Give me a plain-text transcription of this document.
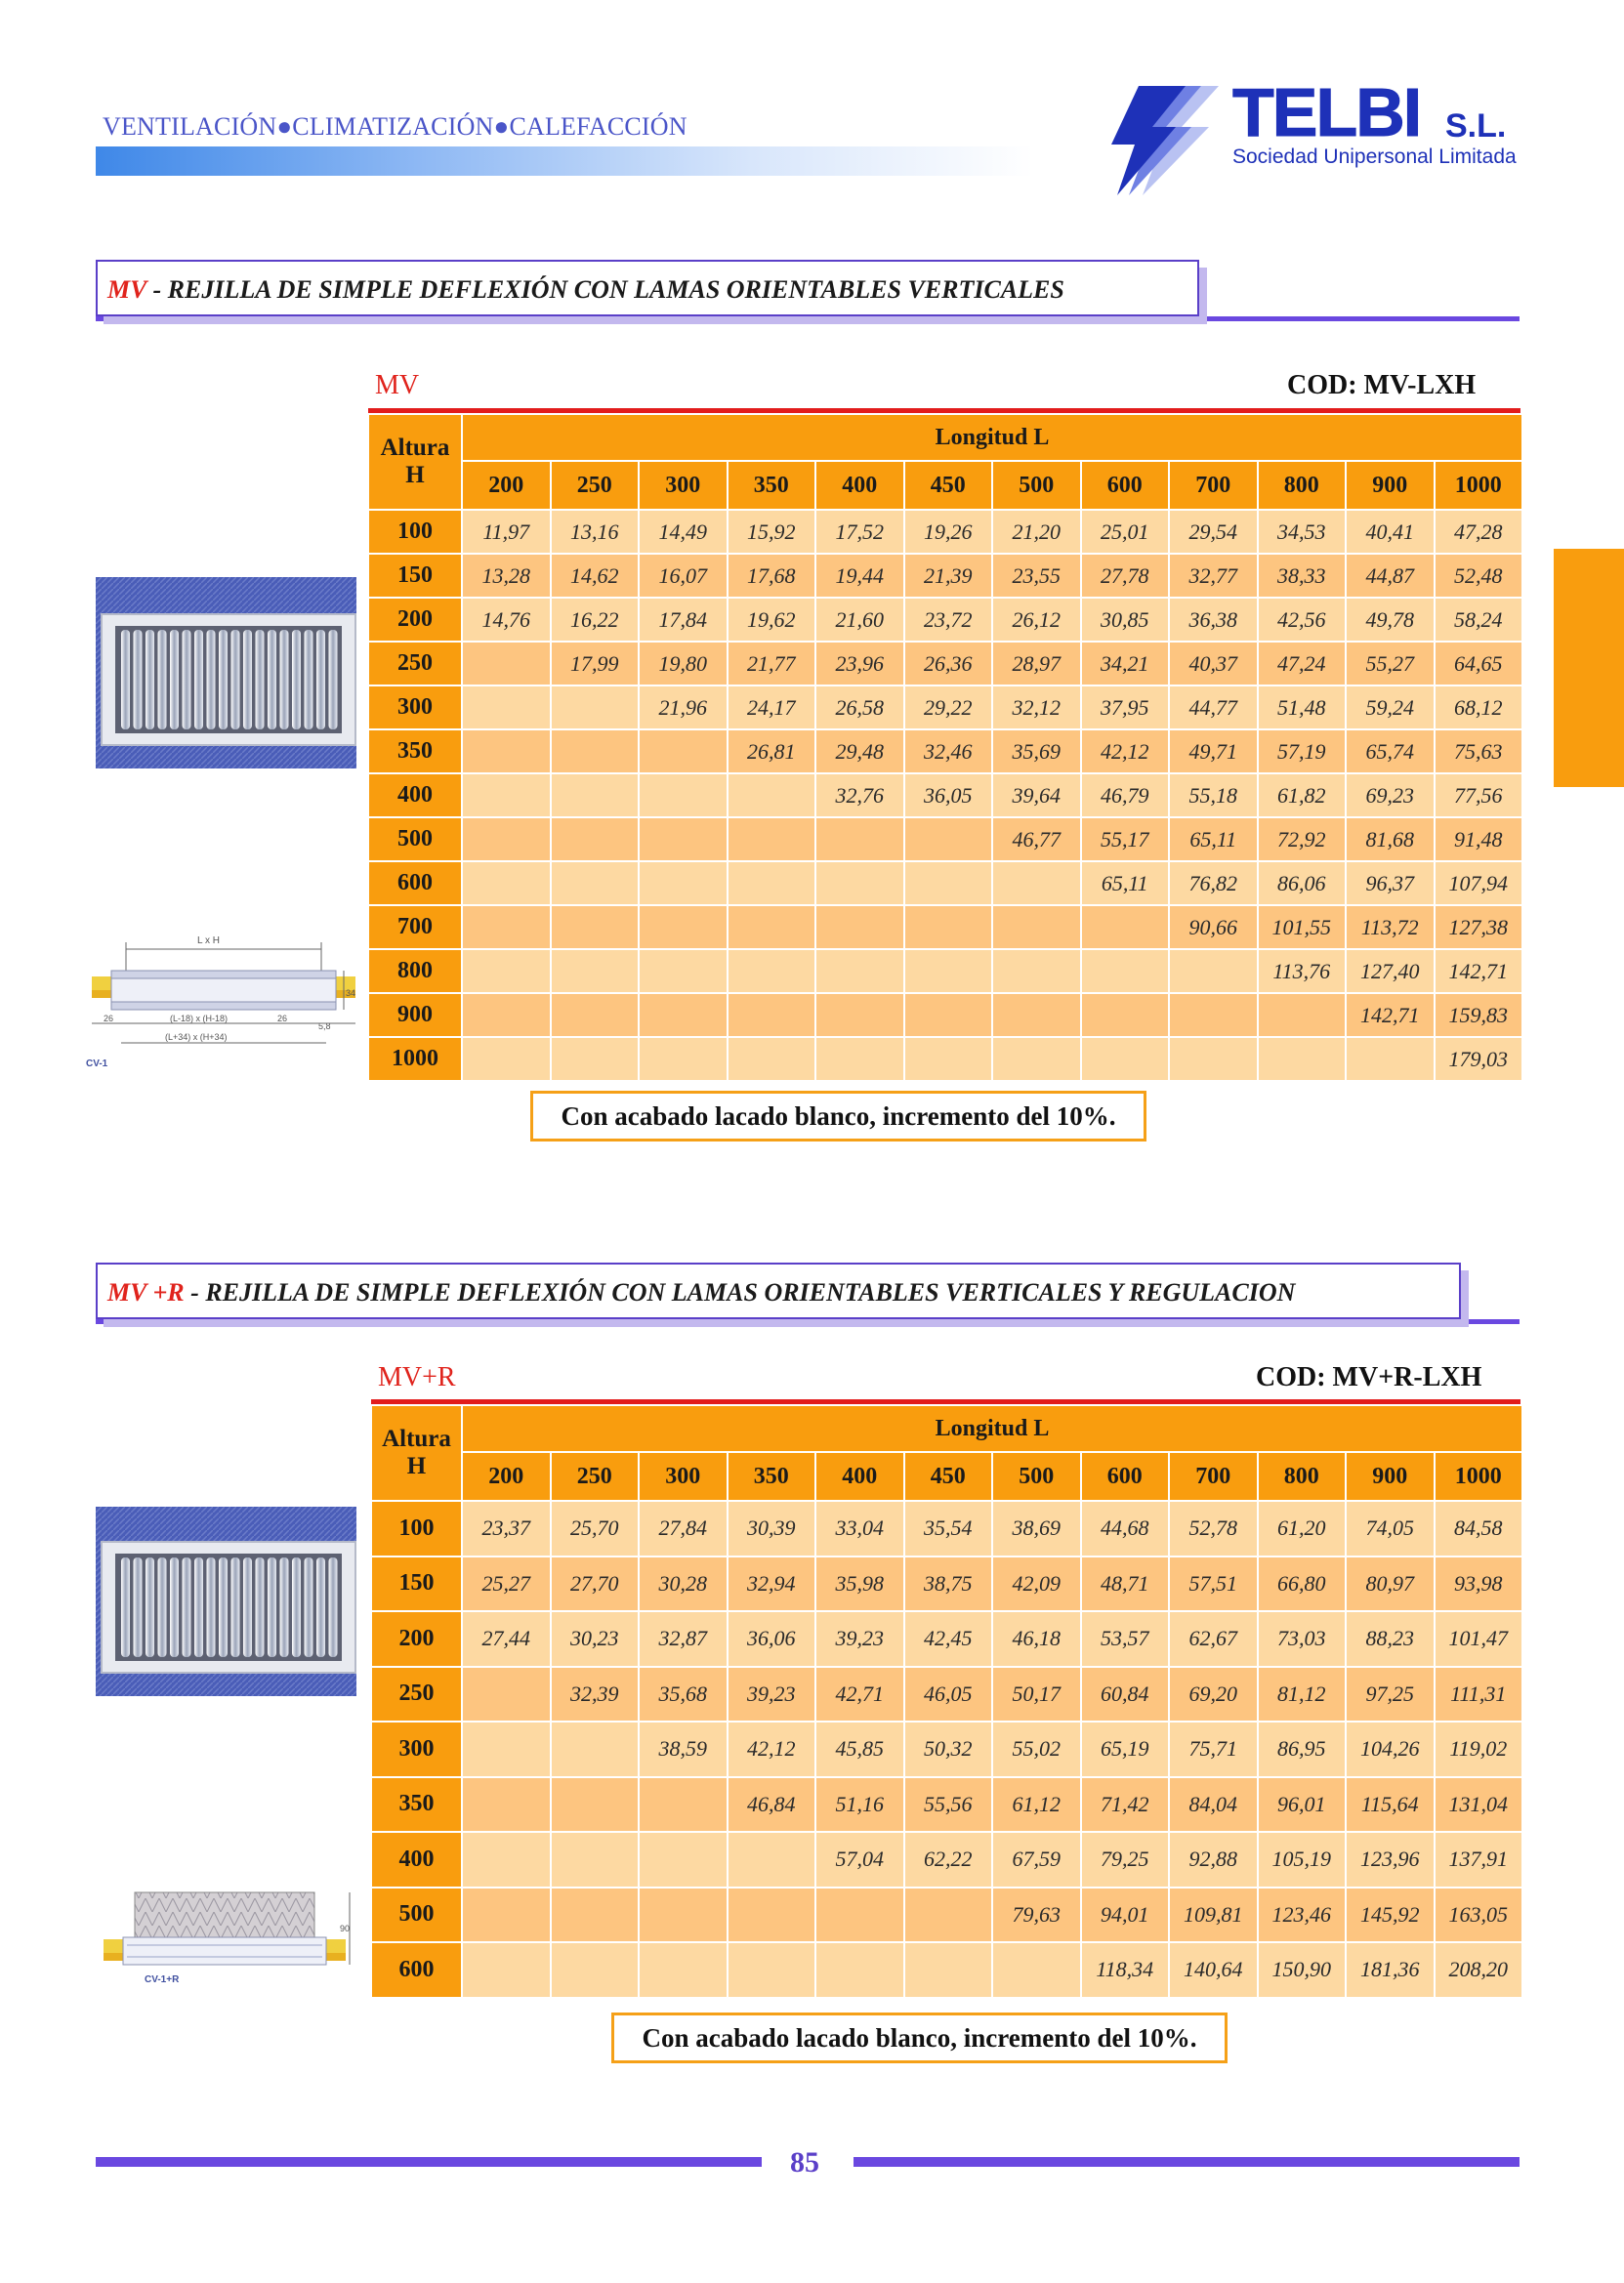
VENTILACIÓN●CLIMATIZACIÓN●CALEFACCIÓN	TELBI S.L.
Sociedad Unipersonal Limitada
MV - REJILLA DE SIMPLE DEFLEXIÓN CON LAMAS ORIENTABLES VERTICALES
MV	COD: MV-LXH
Altura
H	Longitud L											
	200	250	300	350	400	450	500	600	700	800	900	1000
100	11,97	13,16	14,49	15,92	17,52	19,26	21,20	25,01	29,54	34,53	40,41	47,28
150	13,28	14,62	16,07	17,68	19,44	21,39	23,55	27,78	32,77	38,33	44,87	52,48
200	14,76	16,22	17,84	19,62	21,60	23,72	26,12	30,85	36,38	42,56	49,78	58,24
250		17,99	19,80	21,77	23,96	26,36	28,97	34,21	40,37	47,24	55,27	64,65
300			21,96	24,17	26,58	29,22	32,12	37,95	44,77	51,48	59,24	68,12
350				26,81	29,48	32,46	35,69	42,12	49,71	57,19	65,74	75,63
400					32,76	36,05	39,64	46,79	55,18	61,82	69,23	77,56
500							46,77	55,17	65,11	72,92	81,68	91,48
600								65,11	76,82	86,06	96,37	107,94
700									90,66	101,55	113,72	127,38
800										113,76	127,40	142,71
900											142,71	159,83
1000												179,03
Con acabado lacado blanco, incremento del 10%.
L x H
34
5,8
26	26
(L-18) x (H-18)
(L+34) x (H+34)
CV-1
MV +R - REJILLA DE SIMPLE DEFLEXIÓN CON LAMAS ORIENTABLES VERTICALES Y REGULACION
MV+R	COD: MV+R-LXH
Altura
H	Longitud L											
	200	250	300	350	400	450	500	600	700	800	900	1000
100	23,37	25,70	27,84	30,39	33,04	35,54	38,69	44,68	52,78	61,20	74,05	84,58
150	25,27	27,70	30,28	32,94	35,98	38,75	42,09	48,71	57,51	66,80	80,97	93,98
200	27,44	30,23	32,87	36,06	39,23	42,45	46,18	53,57	62,67	73,03	88,23	101,47
250		32,39	35,68	39,23	42,71	46,05	50,17	60,84	69,20	81,12	97,25	111,31
300			38,59	42,12	45,85	50,32	55,02	65,19	75,71	86,95	104,26	119,02
350				46,84	51,16	55,56	61,12	71,42	84,04	96,01	115,64	131,04
400					57,04	62,22	67,59	79,25	92,88	105,19	123,96	137,91
500							79,63	94,01	109,81	123,46	145,92	163,05
600								118,34	140,64	150,90	181,36	208,20
Con acabado lacado blanco, incremento del 10%.
90
CV-1+R
85
